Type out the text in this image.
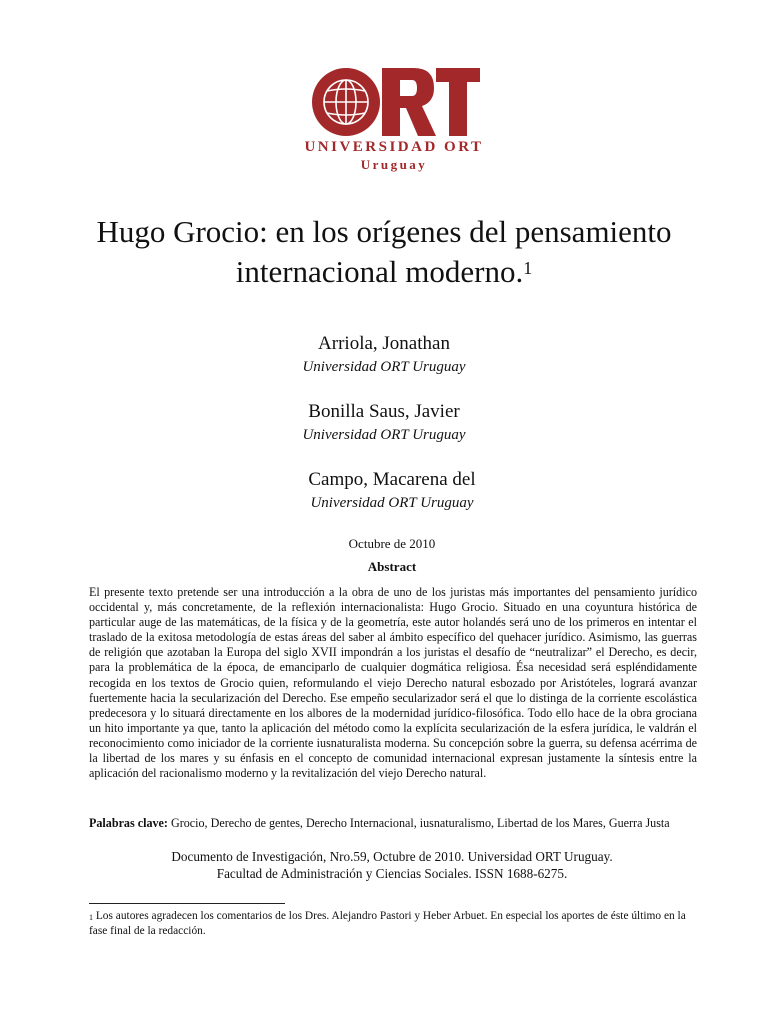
UNIVERSIDAD ORT
Uruguay
Hugo Grocio: en los orígenes del pensamiento
internacional moderno.$^1$
Arriola, Jonathan
Universidad ORT Uruguay
Bonilla Saus, Javier
Universidad ORT Uruguay
Campo, Macarena del
Universidad ORT Uruguay
Octubre de 2010
Abstract
El presente texto pretende ser una introducción a la obra de uno de los juristas más importantes del pensamiento jurídico occidental y, más concretamente, de la reflexión internacionalista: Hugo Grocio. Situado en una coyuntura histórica de particular auge de las matemáticas, de la física y de la geometría, este autor holandés será uno de los primeros en intentar el traslado de la exitosa metodología de estas áreas del saber al ámbito específico del quehacer jurídico. Asimismo, las guerras de religión que azotaban la Europa del siglo XVII impondrán a los juristas el desafío de “neutralizar” el Derecho, es decir, para la problemática de la época, de emanciparlo de cualquier dogmática religiosa. Ésa necesidad será espléndidamente recogida en los textos de Grocio quien, reformulando el viejo Derecho natural esbozado por Aristóteles, logrará avanzar fuertemente hacia la secularización del Derecho. Ese empeño secularizador será el que lo distinga de la corriente escolástica predecesora y lo situará directamente en los albores de la modernidad jurídico-filosófica. Todo ello hace de la obra grociana un hito importante ya que, tanto la aplicación del método como la explícita secularización de la esfera jurídica, le valdrán el reconocimiento como iniciador de la corriente iusnaturalista moderna. Su concepción sobre la guerra, su defensa acérrima de la libertad de los mares y su énfasis en el concepto de comunidad internacional expresan justamente la síntesis entre la aplicación del racionalismo moderno y la revitalización del viejo Derecho natural.
Palabras clave: Grocio, Derecho de gentes, Derecho Internacional, iusnaturalismo, Libertad de los Mares, Guerra Justa
Documento de Investigación, Nro.59, Octubre de 2010. Universidad ORT Uruguay.
Facultad de Administración y Ciencias Sociales. ISSN 1688-6275.
$^1$ Los autores agradecen los comentarios de los Dres. Alejandro Pastori y Heber Arbuet. En especial los aportes de éste último en la fase final de la redacción.
